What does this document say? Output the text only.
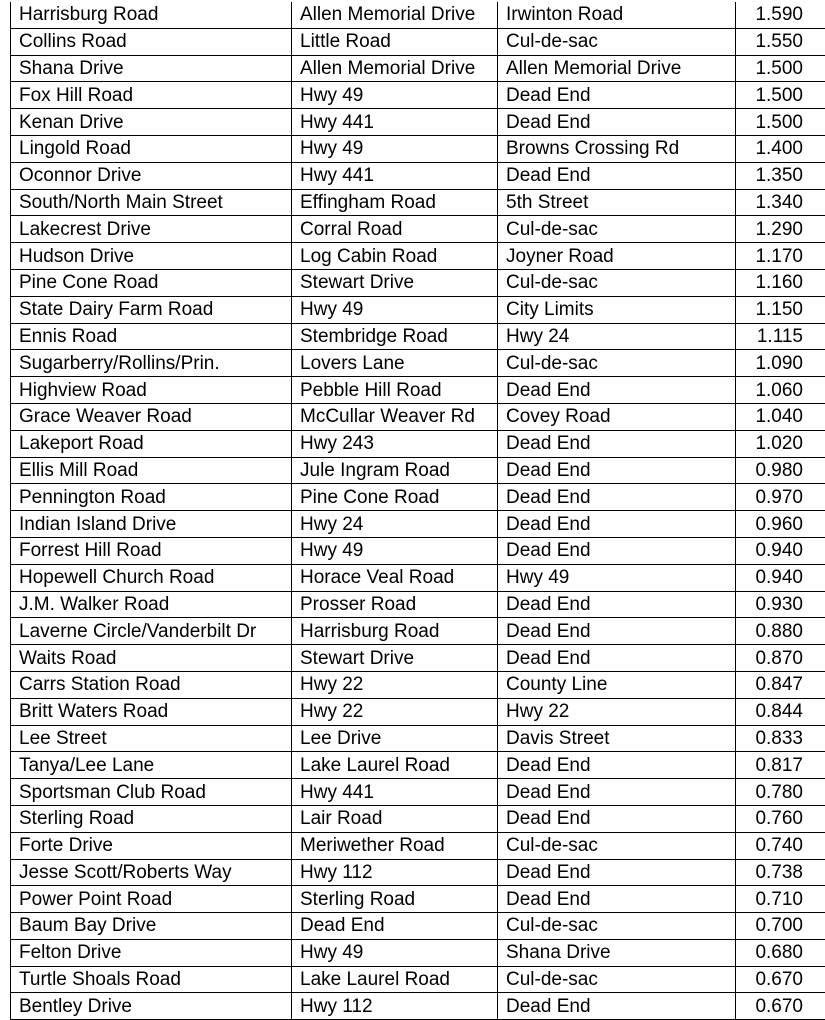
Harrisburg Road	Allen Memorial Drive	Irwinton Road	1.590
Collins Road	Little Road	Cul-de-sac	1.550
Shana Drive	Allen Memorial Drive	Allen Memorial Drive	1.500
Fox Hill Road	Hwy 49	Dead End	1.500
Kenan Drive	Hwy 441	Dead End	1.500
Lingold Road	Hwy 49	Browns Crossing Rd	1.400
Oconnor Drive	Hwy 441	Dead End	1.350
South/North Main Street	Effingham Road	5th Street	1.340
Lakecrest Drive	Corral Road	Cul-de-sac	1.290
Hudson Drive	Log Cabin Road	Joyner Road	1.170
Pine Cone Road	Stewart Drive	Cul-de-sac	1.160
State Dairy Farm Road	Hwy 49	City Limits	1.150
Ennis Road	Stembridge Road	Hwy 24	1.115
Sugarberry/Rollins/Prin.	Lovers Lane	Cul-de-sac	1.090
Highview Road	Pebble Hill Road	Dead End	1.060
Grace Weaver Road	McCullar Weaver Rd	Covey Road	1.040
Lakeport Road	Hwy 243	Dead End	1.020
Ellis Mill Road	Jule Ingram Road	Dead End	0.980
Pennington Road	Pine Cone Road	Dead End	0.970
Indian Island Drive	Hwy 24	Dead End	0.960
Forrest Hill Road	Hwy 49	Dead End	0.940
Hopewell Church Road	Horace Veal Road	Hwy 49	0.940
J.M. Walker Road	Prosser Road	Dead End	0.930
Laverne Circle/Vanderbilt Dr	Harrisburg Road	Dead End	0.880
Waits Road	Stewart Drive	Dead End	0.870
Carrs Station Road	Hwy 22	County Line	0.847
Britt Waters Road	Hwy 22	Hwy 22	0.844
Lee Street	Lee Drive	Davis Street	0.833
Tanya/Lee Lane	Lake Laurel Road	Dead End	0.817
Sportsman Club Road	Hwy 441	Dead End	0.780
Sterling Road	Lair Road	Dead End	0.760
Forte Drive	Meriwether Road	Cul-de-sac	0.740
Jesse Scott/Roberts Way	Hwy 112	Dead End	0.738
Power Point Road	Sterling Road	Dead End	0.710
Baum Bay Drive	Dead End	Cul-de-sac	0.700
Felton Drive	Hwy 49	Shana Drive	0.680
Turtle Shoals Road	Lake Laurel Road	Cul-de-sac	0.670
Bentley Drive	Hwy 112	Dead End	0.670
